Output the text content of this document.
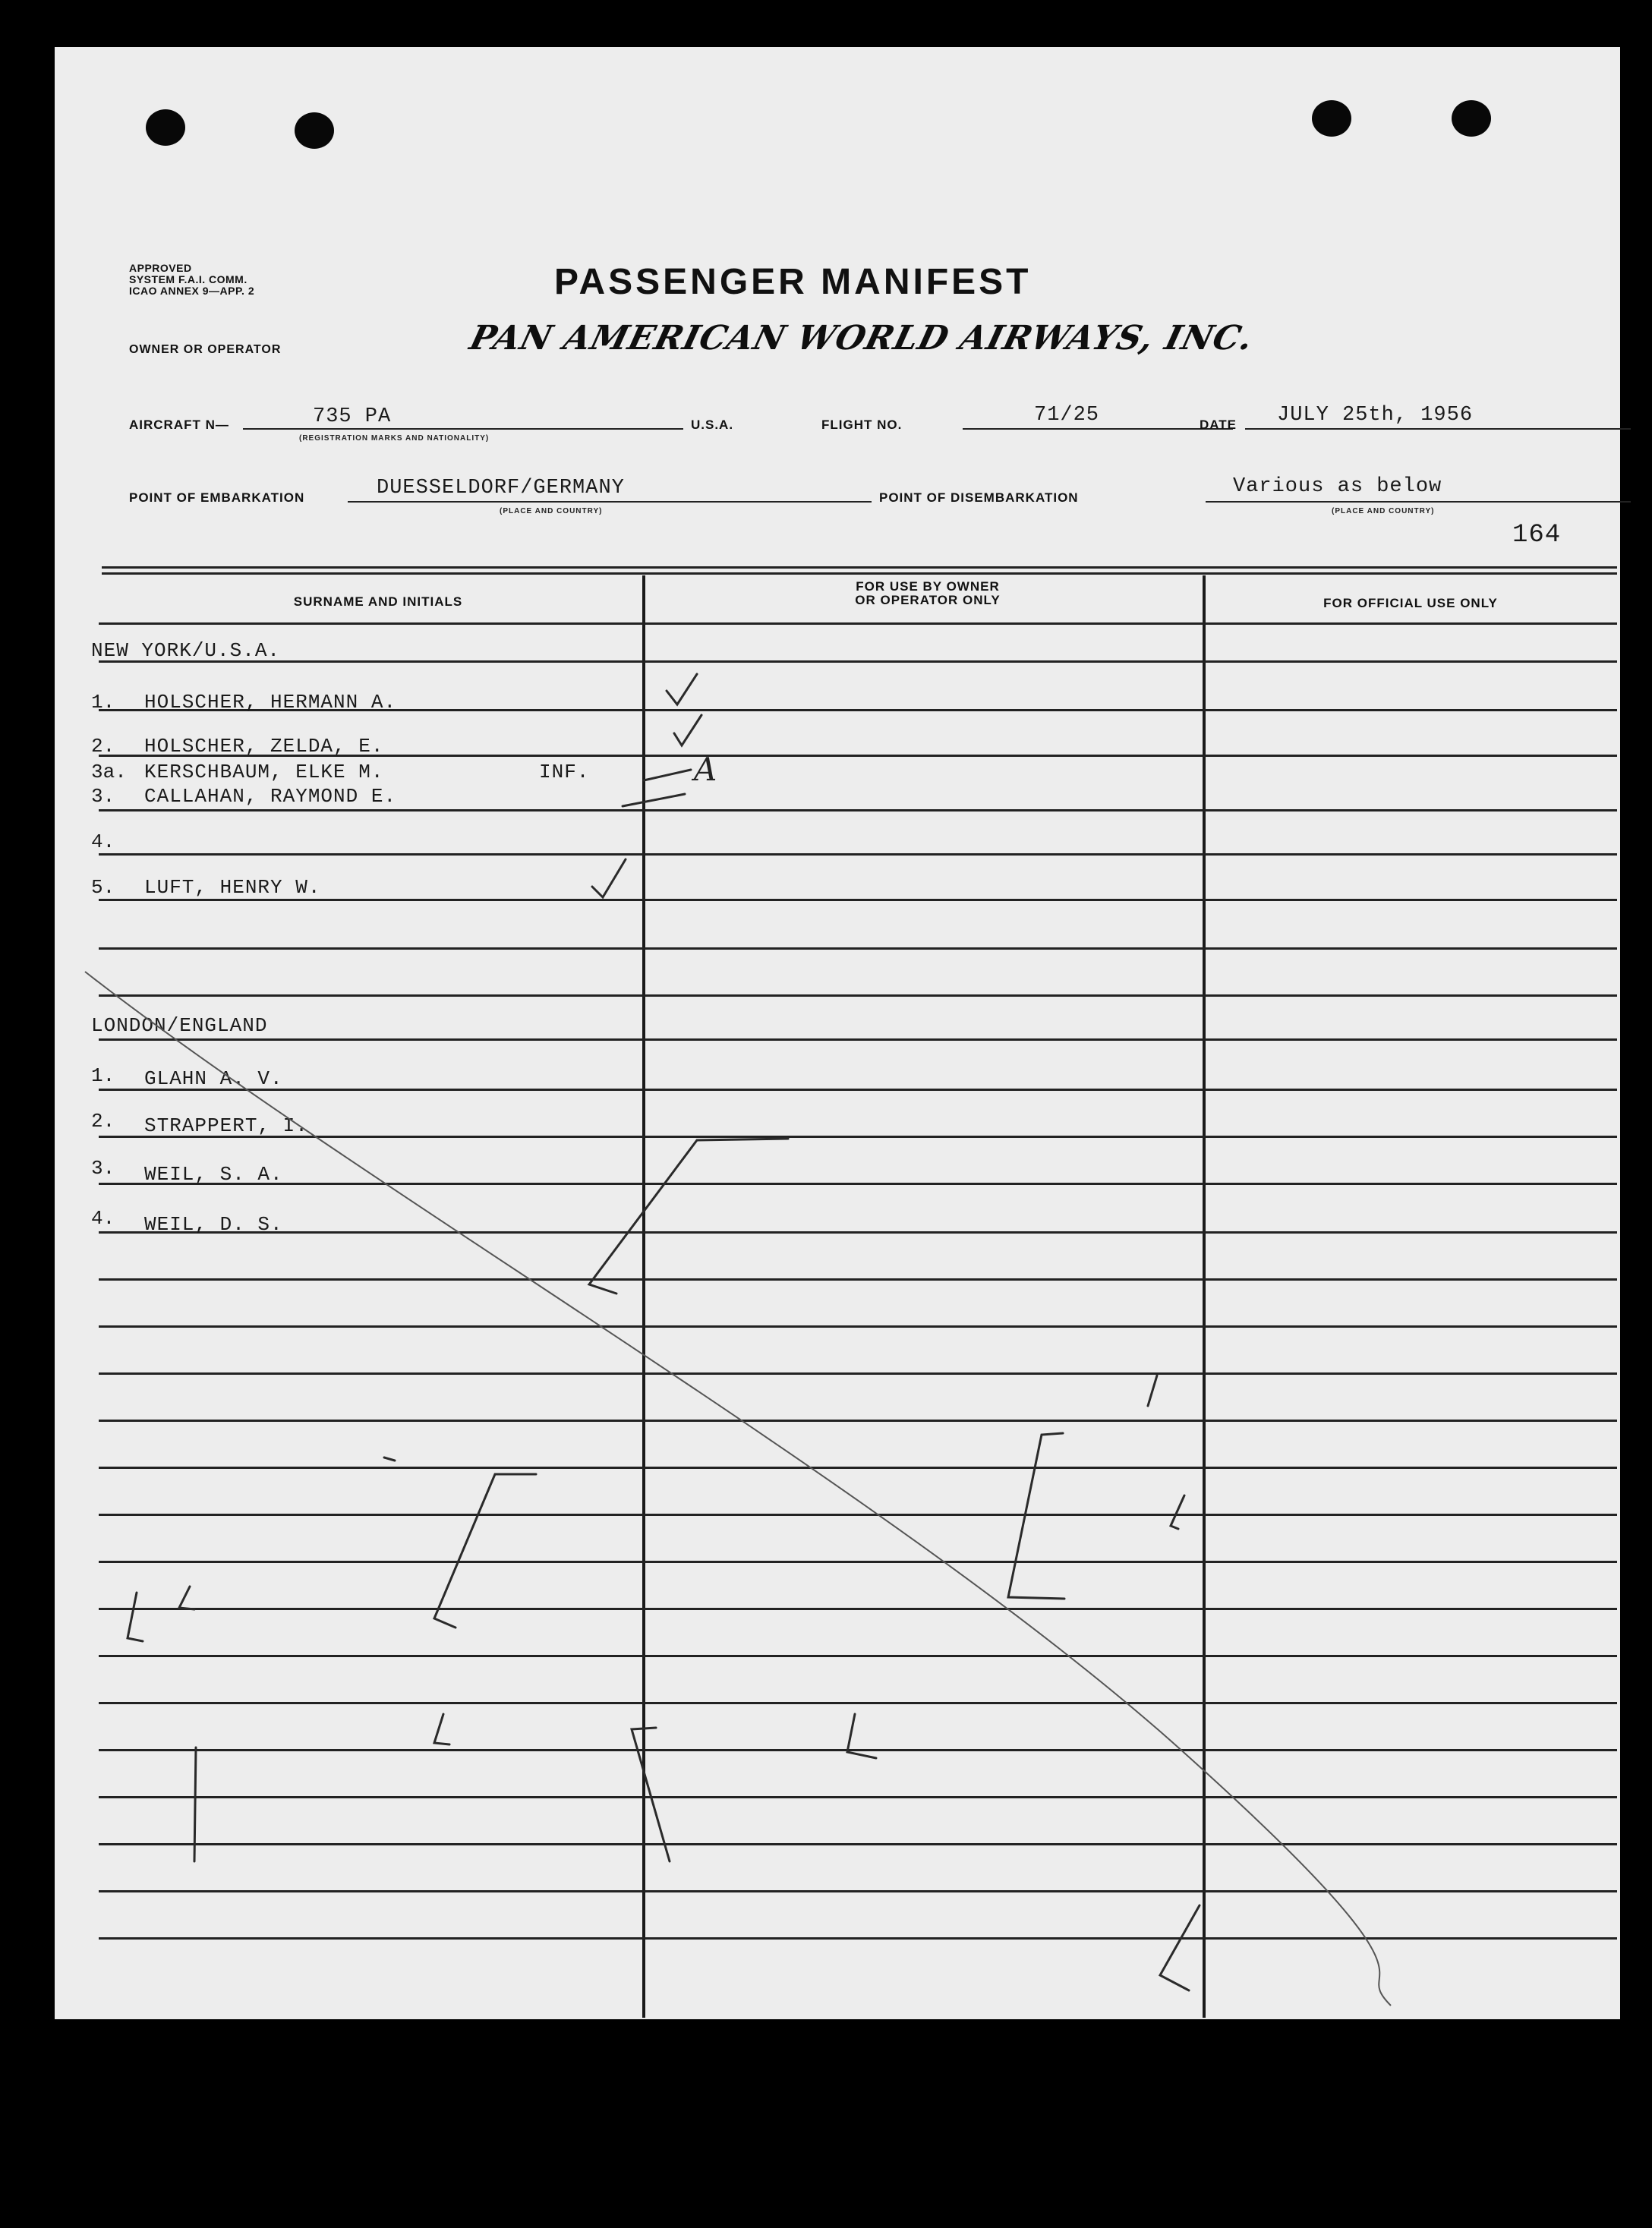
APPROVED
SYSTEM F.A.I. COMM.
ICAO ANNEX 9—APP. 2	PASSENGER MANIFEST
OWNER OR OPERATOR	PAN AMERICAN WORLD AIRWAYS, INC.
AIRCRAFT N—	735 PA
(REGISTRATION MARKS AND NATIONALITY)
U.S.A.	FLIGHT NO.	71/25	DATE JULY 25th, 1956
POINT OF EMBARKATION	DUESSELDORF/GERMANY
(PLACE AND COUNTRY)
POINT OF DISEMBARKATION	Various as below
(PLACE AND COUNTRY)
164
SURNAME AND INITIALS
FOR USE BY OWNER
OR OPERATOR ONLY	FOR OFFICIAL USE ONLY
NEW YORK/U.S.A.
1. HOLSCHER, HERMANN A.
2. HOLSCHER, ZELDA, E.
3a. KERSCHBAUM, ELKE M.	INF.
3. CALLAHAN, RAYMOND E.
4.
5. LUFT, HENRY W.
LONDON/ENGLAND
1. GLAHN A. V.
2. STRAPPERT, I.
3. WEIL, S. A.
4. WEIL, D. S.
A
